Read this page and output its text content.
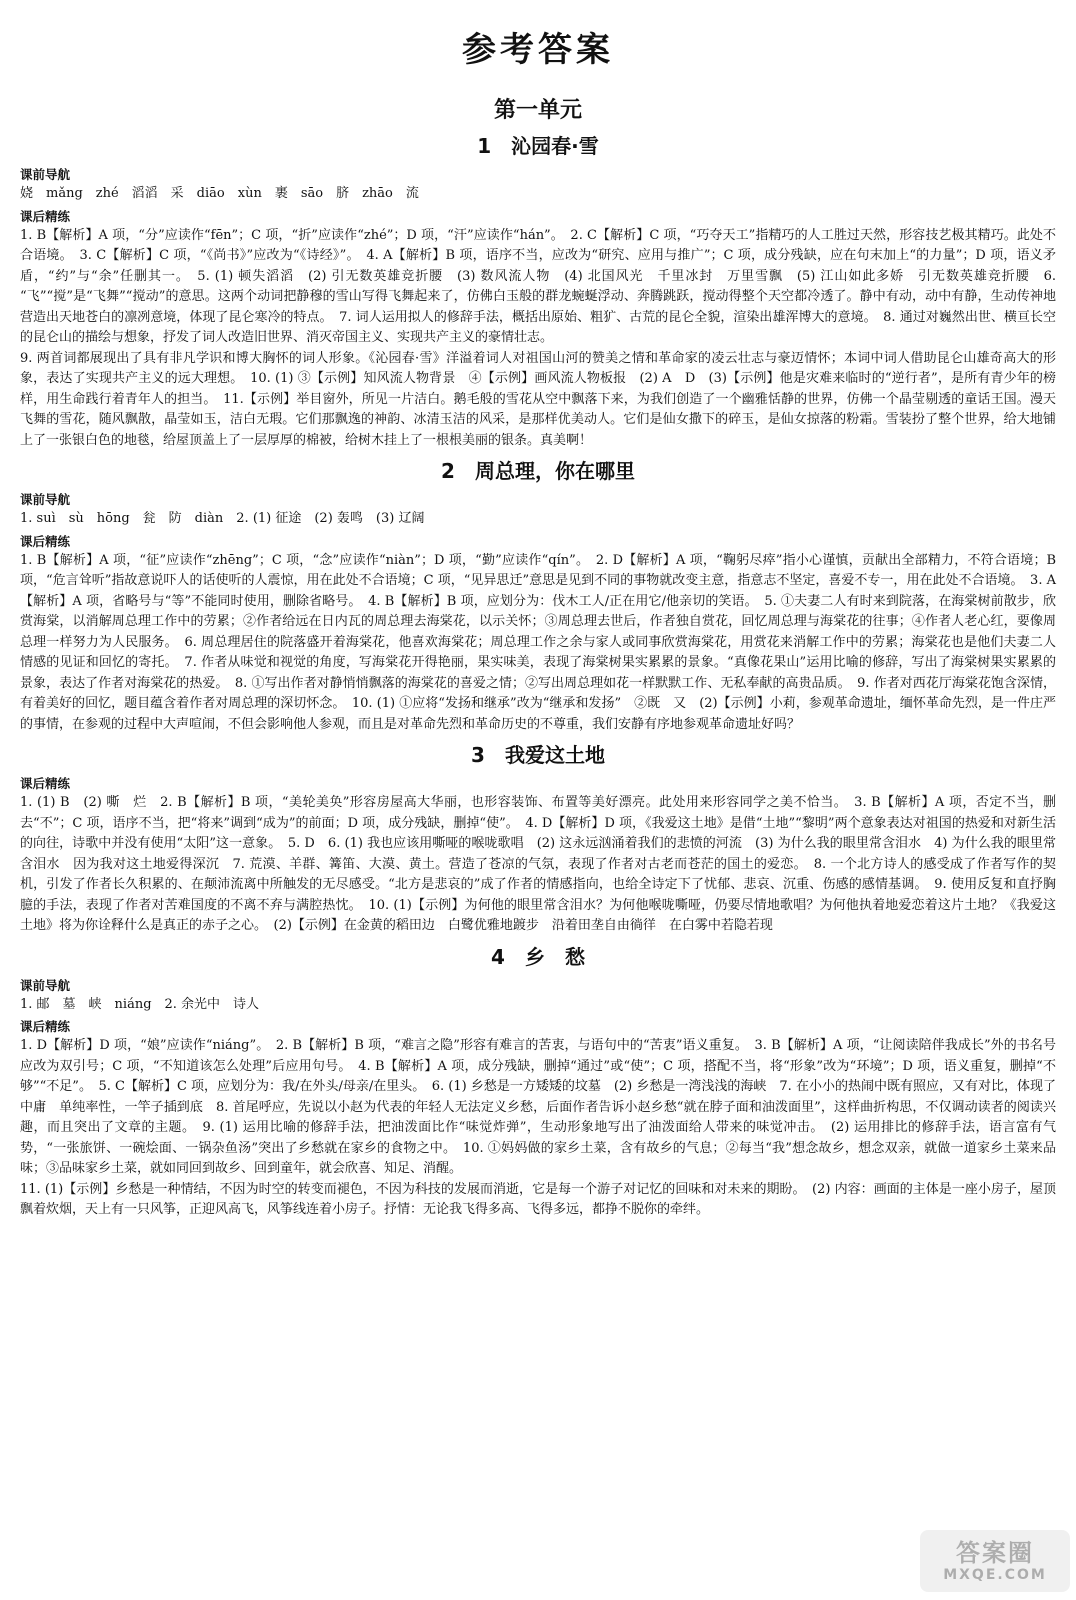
参考答案
第一单元
1　沁园春·雪
课前导航

娆　mǎng　zhé　滔滔　采　diāo　xùn　裹　sāo　脐　zhāo　流

课后精练

1. B【解析】A 项，“分”应读作“fēn”；C 项，“折”应读作“zhé”；D 项，“汗”应读作“hán”。　2. C【解析】C 项，“巧夺天工”指精巧的人工胜过天然，形容技艺极其精巧。此处不合语境。　3. C【解析】C 项，“《尚书》”应改为“《诗经》”。　4. A【解析】B 项，语序不当，应改为“研究、应用与推广”；C 项，成分残缺，应在句末加上“的力量”；D 项，语义矛盾，“约”与“余”任删其一。　5. (1) 顿失滔滔　(2) 引无数英雄竞折腰　(3) 数风流人物　(4) 北国风光　千里冰封　万里雪飘　(5) 江山如此多娇　引无数英雄竞折腰　6. “飞”“搅”是“飞舞”“搅动”的意思。这两个动词把静穆的雪山写得飞舞起来了，仿佛白玉般的群龙蜿蜒浮动、奔腾跳跃，搅动得整个天空都冷透了。静中有动，动中有静，生动传神地营造出天地苍白的凛冽意境，体现了昆仑寒冷的特点。　7. 词人运用拟人的修辞手法，概括出原始、粗犷、古荒的昆仑全貌，渲染出雄浑博大的意境。　8. 通过对巍然出世、横亘长空的昆仑山的描绘与想象，抒发了词人改造旧世界、消灭帝国主义、实现共产主义的豪情壮志。

9. 两首词都展现出了具有非凡学识和博大胸怀的词人形象。《沁园春·雪》洋溢着词人对祖国山河的赞美之情和革命家的凌云壮志与豪迈情怀；本词中词人借助昆仑山雄奇高大的形象，表达了实现共产主义的远大理想。　10. (1) ③【示例】知风流人物背景　④【示例】画风流人物板报　(2) A　D　(3)【示例】他是灾难来临时的“逆行者”，是所有青少年的榜样，用生命践行着青年人的担当。　11.【示例】举目窗外，所见一片洁白。鹅毛般的雪花从空中飘落下来，为我们创造了一个幽雅恬静的世界，仿佛一个晶莹剔透的童话王国。漫天飞舞的雪花，随风飘散，晶莹如玉，洁白无瑕。它们那飘逸的神韵、冰清玉洁的风采，是那样优美动人。它们是仙女撒下的碎玉，是仙女掠落的粉霜。雪装扮了整个世界，给大地铺上了一张银白色的地毯，给屋顶盖上了一层厚厚的棉被，给树木挂上了一根根美丽的银条。真美啊！

2　周总理，你在哪里
课前导航

1. suì　sù　hōng　瓮　防　diàn　2. (1) 征途　(2) 轰鸣　(3) 辽阔

课后精练

1. B【解析】A 项，“征”应读作“zhēng”；C 项，“念”应读作“niàn”；D 项，“勤”应读作“qín”。　2. D【解析】A 项，“鞠躬尽瘁”指小心谨慎，贡献出全部精力，不符合语境；B 项，“危言耸听”指故意说吓人的话使听的人震惊，用在此处不合语境；C 项，“见异思迁”意思是见到不同的事物就改变主意，指意志不坚定，喜爱不专一，用在此处不合语境。　3. A【解析】A 项，省略号与“等”不能同时使用，删除省略号。　4. B【解析】B 项，应划分为：伐木工人/正在用它/他亲切的笑语。　5. ①夫妻二人有时来到院落，在海棠树前散步，欣赏海棠，以消解周总理工作中的劳累；②作者给远在日内瓦的周总理去海棠花，以示关怀；③周总理去世后，作者独自赏花，回忆周总理与海棠花的往事；④作者人老心红，要像周总理一样努力为人民服务。　6. 周总理居住的院落盛开着海棠花，他喜欢海棠花；周总理工作之余与家人或同事欣赏海棠花，用赏花来消解工作中的劳累；海棠花也是他们夫妻二人情感的见证和回忆的寄托。　7. 作者从味觉和视觉的角度，写海棠花开得艳丽，果实味美，表现了海棠树果实累累的景象。“真像花果山”运用比喻的修辞，写出了海棠树果实累累的景象，表达了作者对海棠花的热爱。　8. ①写出作者对静悄悄飘落的海棠花的喜爱之情；②写出周总理如花一样默默工作、无私奉献的高贵品质。　9. 作者对西花厅海棠花饱含深情，有着美好的回忆，题目蕴含着作者对周总理的深切怀念。　10. (1) ①应将“发扬和继承”改为“继承和发扬”　②既　又　(2)【示例】小莉，参观革命遗址，缅怀革命先烈，是一件庄严的事情，在参观的过程中大声喧闹，不但会影响他人参观，而且是对革命先烈和革命历史的不尊重，我们安静有序地参观革命遗址好吗？

3　我爱这土地
课后精练

1. (1) B　(2) 嘶　烂　2. B【解析】B 项，“美轮美奂”形容房屋高大华丽，也形容装饰、布置等美好漂亮。此处用来形容同学之美不恰当。　3. B【解析】A 项，否定不当，删去“不”；C 项，语序不当，把“将来”调到“成为”的前面；D 项，成分残缺，删掉“使”。　4. D【解析】D 项，《我爱这土地》是借“土地”“黎明”两个意象表达对祖国的热爱和对新生活的向往，诗歌中并没有使用“太阳”这一意象。　5. D　6. (1) 我也应该用嘶哑的喉咙歌唱　(2) 这永远汹涌着我们的悲愤的河流　(3) 为什么我的眼里常含泪水　4) 为什么我的眼里常含泪水　因为我对这土地爱得深沉　7. 荒漠、羊群、篝笛、大漠、黄土。营造了苍凉的气氛，表现了作者对古老而苍茫的国土的爱恋。　8. 一个北方诗人的感受成了作者写作的契机，引发了作者长久积累的、在颠沛流离中所触发的无尽感受。“北方是悲哀的”成了作者的情感指向，也给全诗定下了忧郁、悲哀、沉重、伤感的感情基调。　9. 使用反复和直抒胸臆的手法，表现了作者对苦难国度的不离不弃与满腔热忱。　10. (1)【示例】为何他的眼里常含泪水？为何他喉咙嘶哑，仍要尽情地歌唱？为何他执着地爱恋着这片土地？《我爱这土地》将为你诠释什么是真正的赤子之心。　(2)【示例】在金黄的稻田边　白鹭优雅地踱步　沿着田垄自由徜徉　在白雾中若隐若现

4　乡　愁
课前导航

1. 邮　墓　峡　niáng　2. 余光中　诗人

课后精练

1. D【解析】D 项，“娘”应读作“niáng”。　2. B【解析】B 项，“难言之隐”形容有难言的苦衷，与语句中的“苦衷”语义重复。　3. B【解析】A 项，“让阅读陪伴我成长”外的书名号应改为双引号；C 项，“不知道该怎么处理”后应用句号。　4. B【解析】A 项，成分残缺，删掉“通过”或“使”；C 项，搭配不当，将“形象”改为“环境”；D 项，语义重复，删掉“不够”“不足”。　5. C【解析】C 项，应划分为：我/在外头/母亲/在里头。　6. (1) 乡愁是一方矮矮的坟墓　(2) 乡愁是一湾浅浅的海峡　7. 在小小的热闹中既有照应，又有对比，体现了中庸　单纯率性，一竿子插到底　8. 首尾呼应，先说以小赵为代表的年轻人无法定义乡愁，后面作者告诉小赵乡愁“就在脖子面和油泼面里”，这样曲折构思，不仅调动读者的阅读兴趣，而且突出了文章的主题。　9. (1) 运用比喻的修辞手法，把油泼面比作“味觉炸弹”，生动形象地写出了油泼面给人带来的味觉冲击。　(2) 运用排比的修辞手法，语言富有气势，“一张旅饼、一碗烩面、一锅杂鱼汤”突出了乡愁就在家乡的食物之中。　10. ①妈妈做的家乡土菜，含有故乡的气息；②每当“我”想念故乡，想念双亲，就做一道家乡土菜来品味；③品味家乡土菜，就如同回到故乡、回到童年，就会欣喜、知足、消醒。

11. (1)【示例】乡愁是一种情结，不因为时空的转变而褪色，不因为科技的发展而消逝，它是每一个游子对记忆的回味和对未来的期盼。　(2) 内容：画面的主体是一座小房子，屋顶飘着炊烟，天上有一只风筝，正迎风高飞，风筝线连着小房子。抒情：无论我飞得多高、飞得多远，都挣不脱你的牵绊。

答案圈
MXQE.COM
